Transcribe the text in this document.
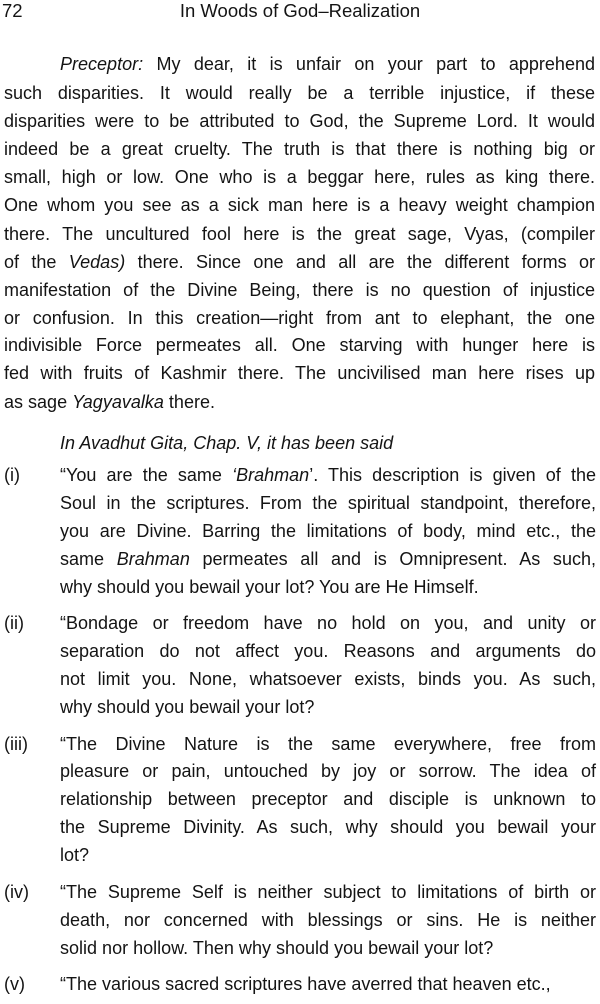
72	In Woods of God–Realization
Preceptor: My dear, it is unfair on your part to apprehend
such disparities. It would really be a terrible injustice, if these
disparities were to be attributed to God, the Supreme Lord. It would
indeed be a great cruelty. The truth is that there is nothing big or
small, high or low. One who is a beggar here, rules as king there.
One whom you see as a sick man here is a heavy weight champion
there. The uncultured fool here is the great sage, Vyas, (compiler
of the Vedas) there. Since one and all are the different forms or
manifestation of the Divine Being, there is no question of injustice
or confusion. In this creation—right from ant to elephant, the one
indivisible Force permeates all. One starving with hunger here is
fed with fruits of Kashmir there. The uncivilised man here rises up
as sage Yagyavalka there.
In Avadhut Gita, Chap. V, it has been said
(i) “You are the same ‘Brahman’. This description is given of the
Soul in the scriptures. From the spiritual standpoint, therefore,
you are Divine. Barring the limitations of body, mind etc., the
same Brahman permeates all and is Omnipresent. As such,
why should you bewail your lot? You are He Himself.
(ii) “Bondage or freedom have no hold on you, and unity or
separation do not affect you. Reasons and arguments do
not limit you. None, whatsoever exists, binds you. As such,
why should you bewail your lot?
(iii) “The Divine Nature is the same everywhere, free from
pleasure or pain, untouched by joy or sorrow. The idea of
relationship between preceptor and disciple is unknown to
the Supreme Divinity. As such, why should you bewail your
lot?
(iv) “The Supreme Self is neither subject to limitations of birth or
death, nor concerned with blessings or sins. He is neither
solid nor hollow. Then why should you bewail your lot?
(v) “The various sacred scriptures have averred that heaven etc.,
